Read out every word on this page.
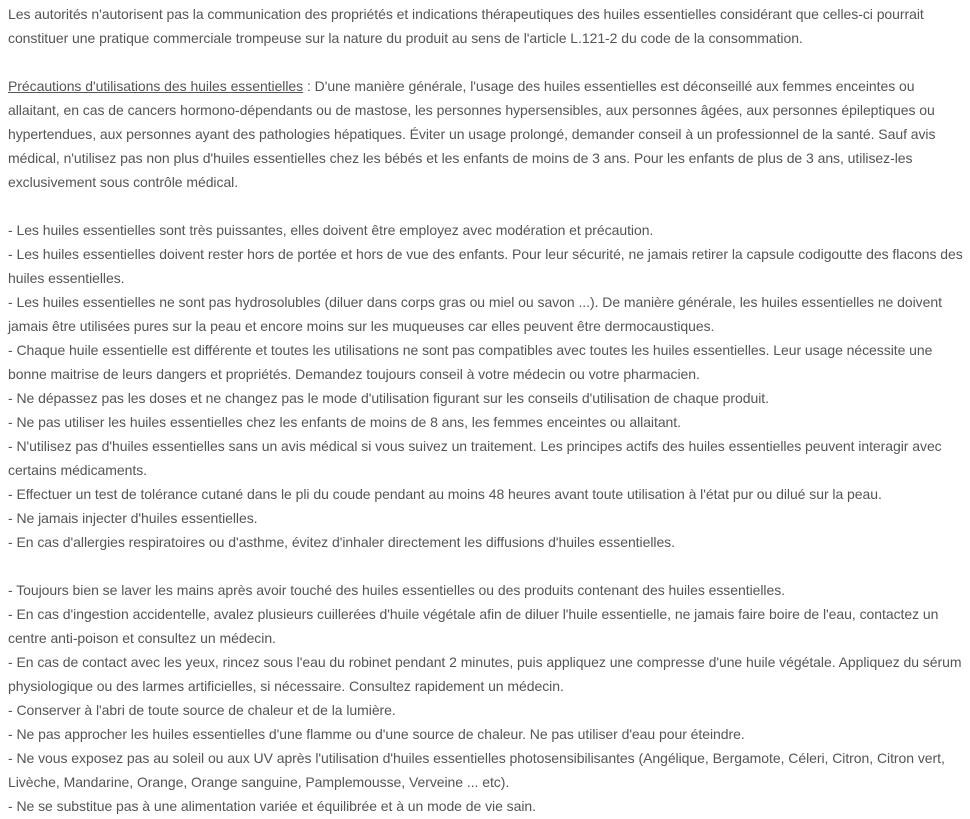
Les autorités n'autorisent pas la communication des propriétés et indications thérapeutiques des huiles essentielles considérant que celles-ci pourrait constituer une pratique commerciale trompeuse sur la nature du produit au sens de l'article L.121-2 du code de la consommation.

Précautions d'utilisations des huiles essentielles : D'une manière générale, l'usage des huiles essentielles est déconseillé aux femmes enceintes ou allaitant, en cas de cancers hormono-dépendants ou de mastose, les personnes hypersensibles, aux personnes âgées, aux personnes épileptiques ou hypertendues, aux personnes ayant des pathologies hépatiques. Éviter un usage prolongé, demander conseil à un professionnel de la santé. Sauf avis médical, n'utilisez pas non plus d'huiles essentielles chez les bébés et les enfants de moins de 3 ans. Pour les enfants de plus de 3 ans, utilisez-les exclusivement sous contrôle médical.

- Les huiles essentielles sont très puissantes, elles doivent être employez avec modération et précaution.

- Les huiles essentielles doivent rester hors de portée et hors de vue des enfants. Pour leur sécurité, ne jamais retirer la capsule codigoutte des flacons des huiles essentielles.

- Les huiles essentielles ne sont pas hydrosolubles (diluer dans corps gras ou miel ou savon ...). De manière générale, les huiles essentielles ne doivent jamais être utilisées pures sur la peau et encore moins sur les muqueuses car elles peuvent être dermocaustiques.

- Chaque huile essentielle est différente et toutes les utilisations ne sont pas compatibles avec toutes les huiles essentielles. Leur usage nécessite une bonne maitrise de leurs dangers et propriétés. Demandez toujours conseil à votre médecin ou votre pharmacien.

- Ne dépassez pas les doses et ne changez pas le mode d'utilisation figurant sur les conseils d'utilisation de chaque produit.

- Ne pas utiliser les huiles essentielles chez les enfants de moins de 8 ans, les femmes enceintes ou allaitant.

- N'utilisez pas d'huiles essentielles sans un avis médical si vous suivez un traitement. Les principes actifs des huiles essentielles peuvent interagir avec certains médicaments.

- Effectuer un test de tolérance cutané dans le pli du coude pendant au moins 48 heures avant toute utilisation à l'état pur ou dilué sur la peau.

- Ne jamais injecter d'huiles essentielles.

- En cas d'allergies respiratoires ou d'asthme, évitez d'inhaler directement les diffusions d'huiles essentielles.

- Toujours bien se laver les mains après avoir touché des huiles essentielles ou des produits contenant des huiles essentielles.

- En cas d'ingestion accidentelle, avalez plusieurs cuillerées d'huile végétale afin de diluer l'huile essentielle, ne jamais faire boire de l'eau, contactez un centre anti-poison et consultez un médecin.

- En cas de contact avec les yeux, rincez sous l'eau du robinet pendant 2 minutes, puis appliquez une compresse d'une huile végétale. Appliquez du sérum physiologique ou des larmes artificielles, si nécessaire. Consultez rapidement un médecin.

- Conserver à l'abri de toute source de chaleur et de la lumière.

- Ne pas approcher les huiles essentielles d'une flamme ou d'une source de chaleur. Ne pas utiliser d'eau pour éteindre.

- Ne vous exposez pas au soleil ou aux UV après l'utilisation d'huiles essentielles photosensibilisantes (Angélique, Bergamote, Céleri, Citron, Citron vert, Livèche, Mandarine, Orange, Orange sanguine, Pamplemousse, Verveine ... etc).

- Ne se substitue pas à une alimentation variée et équilibrée et à un mode de vie sain.
